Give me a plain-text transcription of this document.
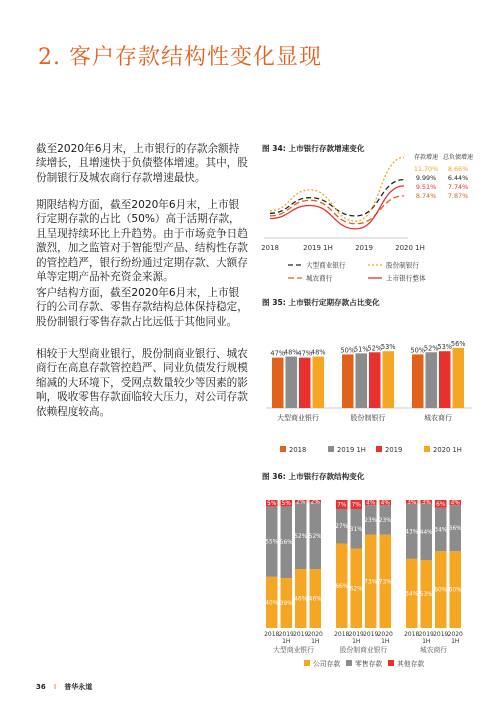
2. 客户存款结构性变化显现
截至2020年6月末，上市银行的存款余额持续增长，且增速快于负债整体增速。其中，股份制银行及城农商行存款增速最快。
期限结构方面，截至2020年6月末，上市银行定期存款的占比（50%）高于活期存款，且呈现持续环比上升趋势。由于市场竞争日趋激烈，加之监管对于智能型产品、结构性存款的管控趋严，银行纷纷通过定期存款、大额存单等定期产品补充资金来源。
客户结构方面，截至2020年6月末，上市银行的公司存款、零售存款结构总体保持稳定，股份制银行零售存款占比远低于其他同业。
相较于大型商业银行，股份制商业银行、城农商行在高息存款管控趋严、同业负债发行规模缩减的大环境下，受网点数量较少等因素的影响，吸收零售存款面临较大压力，对公司存款依赖程度较高。
图 34: 上市银行存款增速变化
图 35: 上市银行定期存款占比变化
图 36: 上市银行存款结构变化
2018	2019 1H	2019	2020 1H
存款增速 总负债增速
11.70% 8.66%
9.99% 6.44%
9.51% 7.74%
8.74% 7.87%
大型商业银行	股份制银行
城农商行	上市银行整体
47%
48%
47%
48%
大型商业银行
50%
51%
52%
53%
股份制银行
50%
52%
53%
56%
城农商行
2018	2019 1H	2019	2020 1H
40%
55%
5%
2018
39%
56%
5%
2019
1H
46%
52%
2%
2019
46%
52%
2%
2020
1H
大型商业银行
66%
27%
7%
2018
62%
31%
7%
2019
1H
73%
23%
4%
2019
73%
23%
4%
2020
1H
股份制商业银行
54%
43%
3%
2018
53%
44%
3%
2019
1H
60%
34%
6%
2019
60%
36%
4%
2020
1H
城农商行
公司存款 零售存款 其他存款
36 I 普华永道
